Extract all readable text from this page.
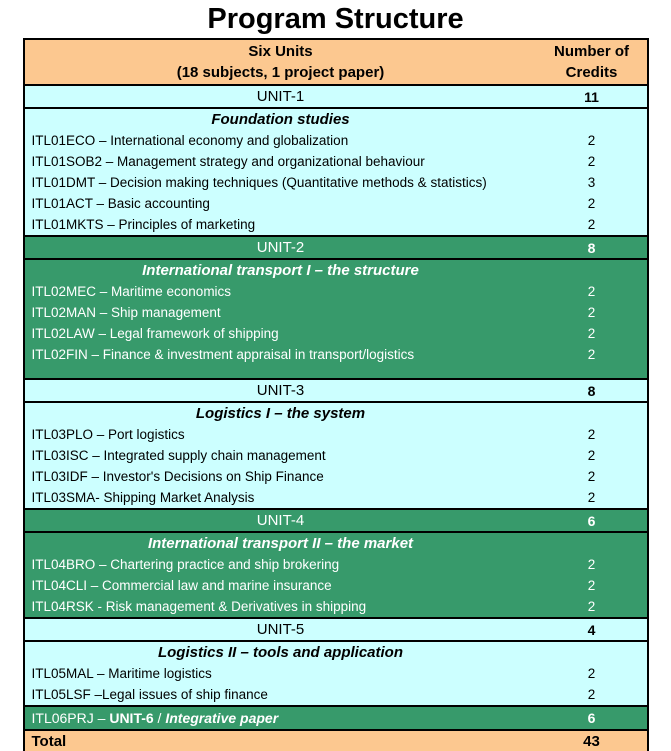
Program Structure
Six Units
(18 subjects, 1 project paper)
Number of
Credits
UNIT-1	11
Foundation studies
ITL01ECO – International economy and globalization	2
ITL01SOB2 – Management strategy and organizational behaviour	2
ITL01DMT – Decision making techniques (Quantitative methods & statistics)	3
ITL01ACT – Basic accounting	2
ITL01MKTS – Principles of marketing	2
UNIT-2	8
International transport I – the structure
ITL02MEC – Maritime economics	2
ITL02MAN – Ship management	2
ITL02LAW – Legal framework of shipping	2
ITL02FIN – Finance & investment appraisal in transport/logistics	2
UNIT-3	8
Logistics I – the system
ITL03PLO – Port logistics	2
ITL03ISC – Integrated supply chain management	2
ITL03IDF – Investor's Decisions on Ship Finance	2
ITL03SMA- Shipping Market Analysis	2
UNIT-4	6
International transport II – the market
ITL04BRO – Chartering practice and ship brokering	2
ITL04CLI – Commercial law and marine insurance	2
ITL04RSK - Risk management & Derivatives in shipping	2
UNIT-5	4
Logistics II – tools and application
ITL05MAL – Maritime logistics	2
ITL05LSF –Legal issues of ship finance	2
ITL06PRJ – UNIT-6 / Integrative paper	6
Total	43
